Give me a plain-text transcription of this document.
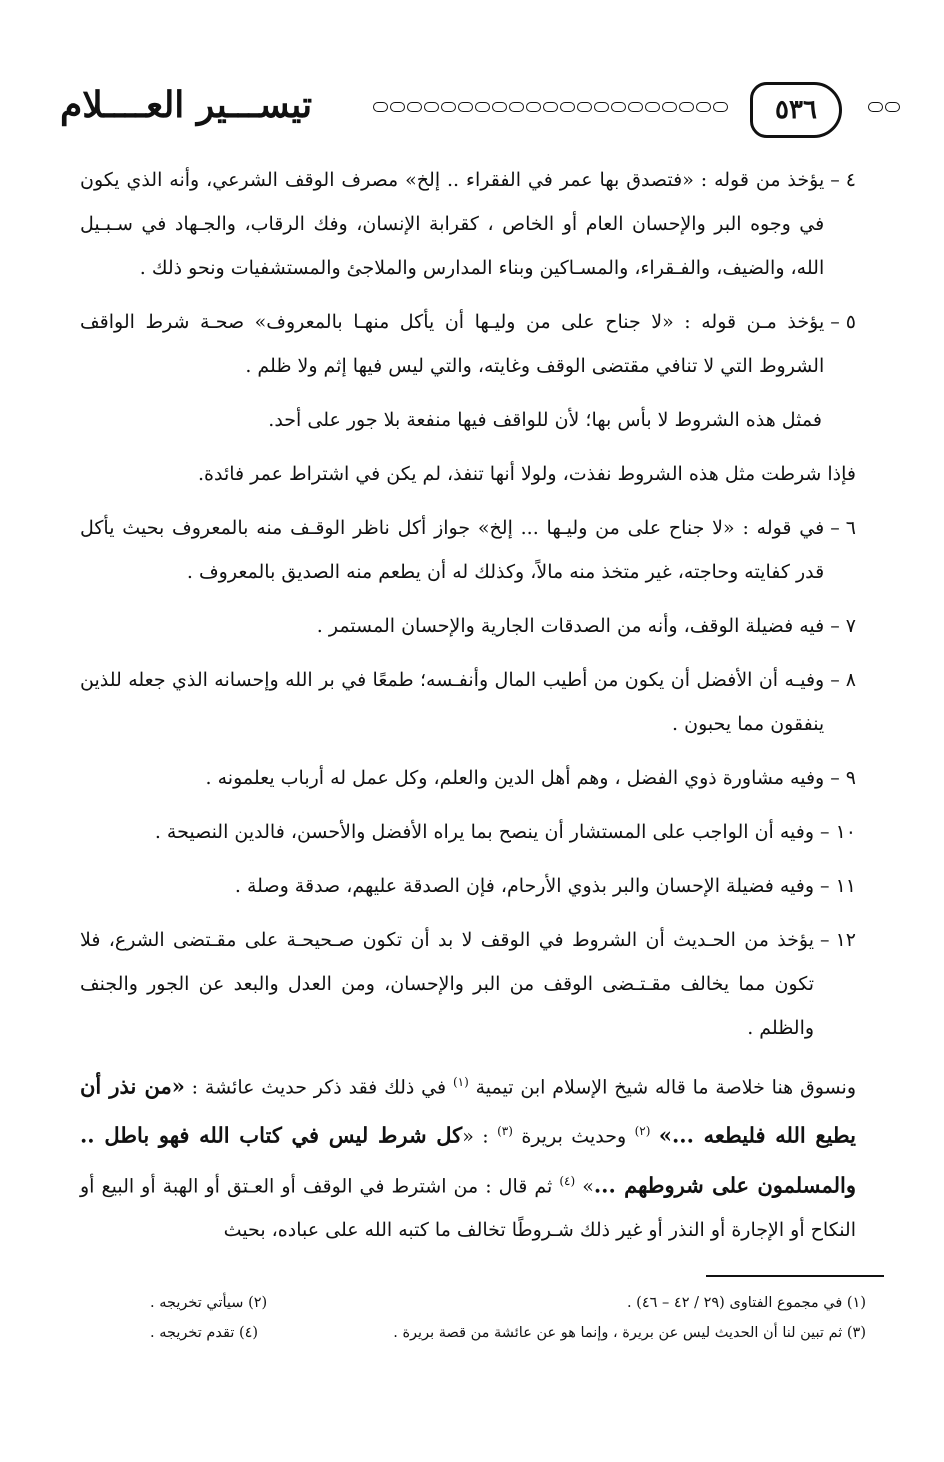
٥٣٦
تيســـير العــــلام
٤ –
يؤخذ من قوله : «فتصدق بها عمر في الفقراء .. إلخ» مصرف الوقف الشرعي، وأنه الذي يكون في وجوه البر والإحسان العام أو الخاص ، كقرابة الإنسان، وفك الرقاب، والجـهاد في سـبـيل الله، والضيف، والفـقراء، والمسـاكين وبناء المدارس والملاجئ والمستشفيات ونحو ذلك .
٥ –
يؤخذ مـن قوله : «لا جناح على من وليـها أن يأكل منهـا بالمعروف» صحـة شرط الواقف الشروط التي لا تنافي مقتضى الوقف وغايته، والتي ليس فيها إثم ولا ظلم .
فمثل هذه الشروط لا بأس بها؛ لأن للواقف فيها منفعة بلا جور على أحد.
فإذا شرطت مثل هذه الشروط نفذت، ولولا أنها تنفذ، لم يكن في اشتراط عمر فائدة.
٦ –
في قوله : «لا جناح على من وليـها ... إلخ» جواز أكل ناظر الوقـف منه بالمعروف بحيث يأكل قدر كفايته وحاجته، غير متخذ منه مالاً، وكذلك له أن يطعم منه الصديق بالمعروف .
٧ –
فيه فضيلة الوقف، وأنه من الصدقات الجارية والإحسان المستمر .
٨ –
وفيـه أن الأفضل أن يكون من أطيب المال وأنفـسه؛ طمعًا في بر الله وإحسانه الذي جعله للذين ينفقون مما يحبون .
٩ –
وفيه مشاورة ذوي الفضل ، وهم أهل الدين والعلم، وكل عمل له أرباب يعلمونه .
١٠ –
وفيه أن الواجب على المستشار أن ينصح بما يراه الأفضل والأحسن، فالدين النصيحة .
١١ –
وفيه فضيلة الإحسان والبر بذوي الأرحام، فإن الصدقة عليهم، صدقة وصلة .
١٢ –
يؤخذ من الحـديث أن الشروط في الوقف لا بد أن تكون صـحيحـة على مقـتضى الشرع، فلا تكون مما يخالف مقـتـضى الوقف من البر والإحسان، ومن العدل والبعد عن الجور والجنف والظلم .
ونسوق هنا خلاصة ما قاله شيخ الإسلام ابن تيمية $^{(١)}$ في ذلك فقد ذكر حديث عائشة : «من نذر أن يطيع الله فليطعه ...» $^{(٢)}$ وحديث بريرة $^{(٣)}$ : «كل شرط ليس في كتاب الله فهو باطل .. والمسلمون على شروطهم ...» $^{(٤)}$ ثم قال : من اشترط في الوقف أو العـتق أو الهبة أو البيع أو النكاح أو الإجارة أو النذر أو غير ذلك شـروطًا تخالف ما كتبه الله على عباده، بحيث
(١) في مجموع الفتاوى (٢٩ / ٤٢ – ٤٦) .
(٢) سيأتي تخريجه .
(٣) ثم تبين لنا أن الحديث ليس عن بريرة ، وإنما هو عن عائشة من قصة بريرة .
(٤) تقدم تخريجه .
